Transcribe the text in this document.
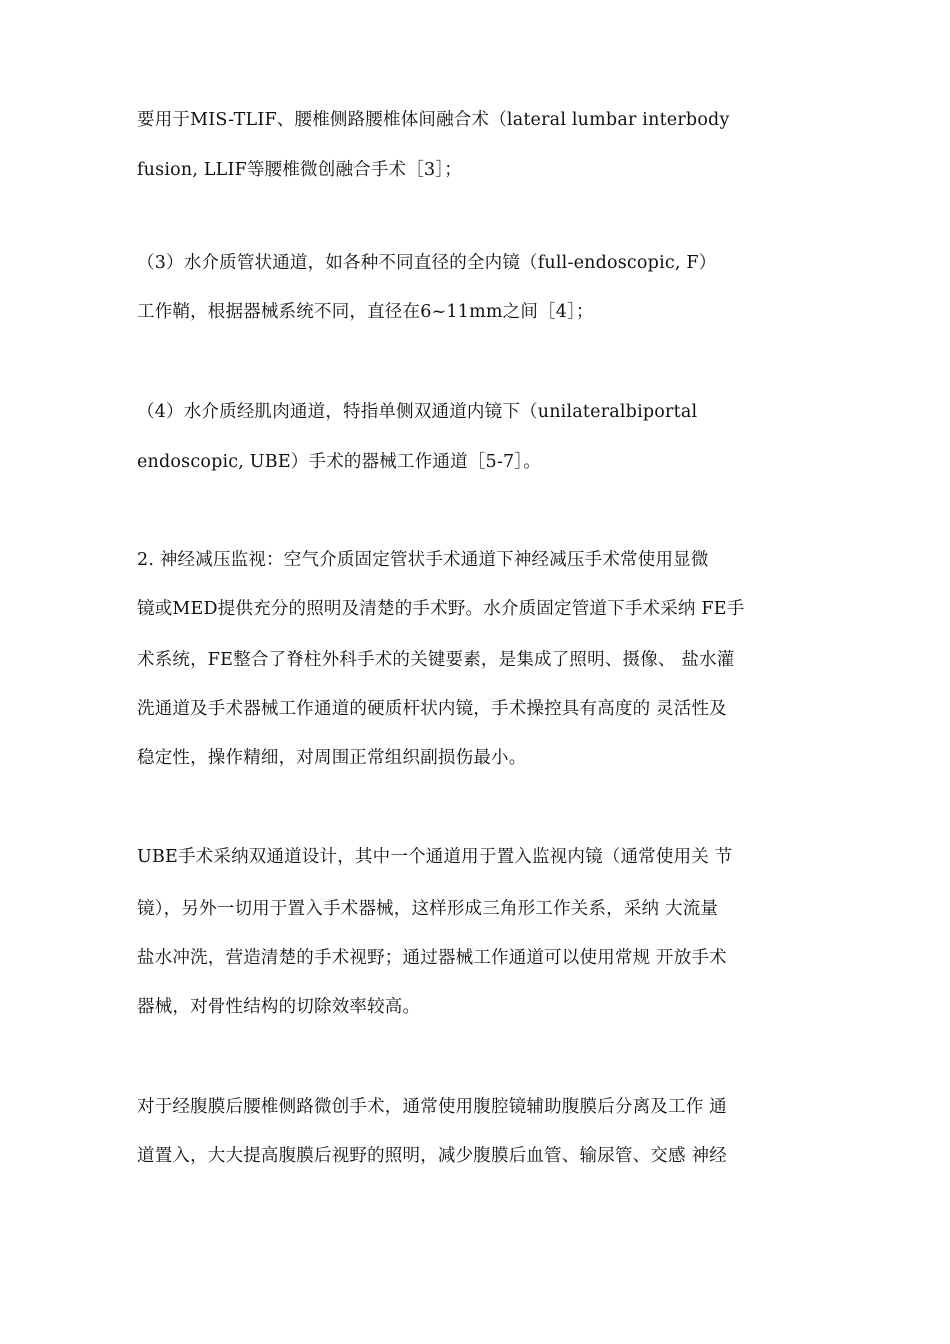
要用于MIS-TLIF、腰椎侧路腰椎体间融合术（lateral lumbar interbody
fusion, LLIF等腰椎微创融合手术［3］；
（3）水介质管状通道，如各种不同直径的全内镜（full-endoscopic, F）
工作鞘，根据器械系统不同，直径在6~11mm之间［4］；
（4）水介质经肌肉通道，特指单侧双通道内镜下（unilateralbiportal
endoscopic, UBE）手术的器械工作通道［5-7］。
2. 神经减压监视：空气介质固定管状手术通道下神经减压手术常使用显微
镜或MED提供充分的照明及清楚的手术野。水介质固定管道下手术采纳 FE手
术系统，FE整合了脊柱外科手术的关键要素，是集成了照明、摄像、 盐水灌
洗通道及手术器械工作通道的硬质杆状内镜，手术操控具有高度的 灵活性及
稳定性，操作精细，对周围正常组织副损伤最小。
UBE手术采纳双通道设计，其中一个通道用于置入监视内镜（通常使用关 节
镜），另外一切用于置入手术器械，这样形成三角形工作关系，采纳 大流量
盐水冲洗，营造清楚的手术视野；通过器械工作通道可以使用常规 开放手术
器械，对骨性结构的切除效率较高。
对于经腹膜后腰椎侧路微创手术，通常使用腹腔镜辅助腹膜后分离及工作 通
道置入，大大提高腹膜后视野的照明，减少腹膜后血管、输尿管、交感 神经
